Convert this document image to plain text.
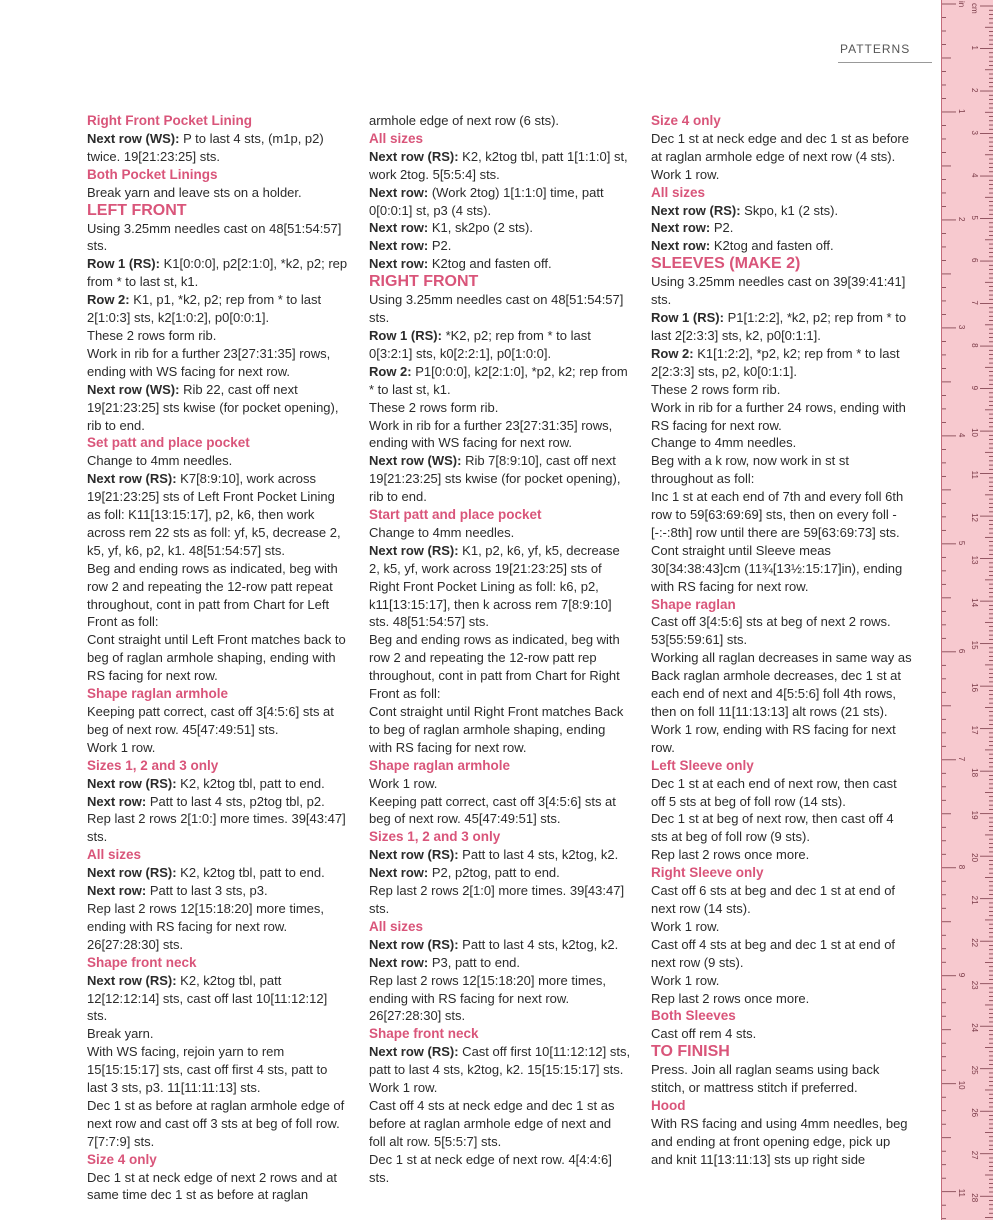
PATTERNS

Right Front Pocket Lining

Next row (WS): P to last 4 sts, (m1p, p2) twice. 19[21:23:25] sts.

Both Pocket Linings

Break yarn and leave sts on a holder.

LEFT FRONT

Using 3.25mm needles cast on 48[51:54:57] sts.

Row 1 (RS): K1[0:0:0], p2[2:1:0], *k2, p2; rep from * to last st, k1.

Row 2: K1, p1, *k2, p2; rep from * to last 2[1:0:3] sts, k2[1:0:2], p0[0:0:1].

These 2 rows form rib.

Work in rib for a further 23[27:31:35] rows, ending with WS facing for next row.

Next row (WS): Rib 22, cast off next 19[21:23:25] sts kwise (for pocket opening), rib to end.

Set patt and place pocket

Change to 4mm needles.

Next row (RS): K7[8:9:10], work across 19[21:23:25] sts of Left Front Pocket Lining as foll: K11[13:15:17], p2, k6, then work across rem 22 sts as foll: yf, k5, decrease 2, k5, yf, k6, p2, k1. 48[51:54:57] sts.

Beg and ending rows as indicated, beg with row 2 and repeating the 12-row patt repeat throughout, cont in patt from Chart for Left Front as foll:

Cont straight until Left Front matches back to beg of raglan armhole shaping, ending with RS facing for next row.

Shape raglan armhole

Keeping patt correct, cast off 3[4:5:6] sts at beg of next row. 45[47:49:51] sts.

Work 1 row.

Sizes 1, 2 and 3 only

Next row (RS): K2, k2tog tbl, patt to end.

Next row: Patt to last 4 sts, p2tog tbl, p2.

Rep last 2 rows 2[1:0:] more times. 39[43:47] sts.

All sizes

Next row (RS): K2, k2tog tbl, patt to end.

Next row: Patt to last 3 sts, p3.

Rep last 2 rows 12[15:18:20] more times, ending with RS facing for next row. 26[27:28:30] sts.

Shape front neck

Next row (RS): K2, k2tog tbl, patt 12[12:12:14] sts, cast off last 10[11:12:12] sts.

Break yarn.

With WS facing, rejoin yarn to rem 15[15:15:17] sts, cast off first 4 sts, patt to last 3 sts, p3. 11[11:11:13] sts.

Dec 1 st as before at raglan armhole edge of next row and cast off 3 sts at beg of foll row. 7[7:7:9] sts.

Size 4 only

Dec 1 st at neck edge of next 2 rows and at same time dec 1 st as before at raglan

armhole edge of next row (6 sts).

All sizes

Next row (RS): K2, k2tog tbl, patt 1[1:1:0] st, work 2tog. 5[5:5:4] sts.

Next row: (Work 2tog) 1[1:1:0] time, patt 0[0:0:1] st, p3 (4 sts).

Next row: K1, sk2po (2 sts).

Next row: P2.

Next row: K2tog and fasten off.

RIGHT FRONT

Using 3.25mm needles cast on 48[51:54:57] sts.

Row 1 (RS): *K2, p2; rep from * to last 0[3:2:1] sts, k0[2:2:1], p0[1:0:0].

Row 2: P1[0:0:0], k2[2:1:0], *p2, k2; rep from * to last st, k1.

These 2 rows form rib.

Work in rib for a further 23[27:31:35] rows, ending with WS facing for next row.

Next row (WS): Rib 7[8:9:10], cast off next 19[21:23:25] sts kwise (for pocket opening), rib to end.

Start patt and place pocket

Change to 4mm needles.

Next row (RS): K1, p2, k6, yf, k5, decrease 2, k5, yf, work across 19[21:23:25] sts of Right Front Pocket Lining as foll: k6, p2, k11[13:15:17], then k across rem 7[8:9:10] sts. 48[51:54:57] sts.

Beg and ending rows as indicated, beg with row 2 and repeating the 12-row patt rep throughout, cont in patt from Chart for Right Front as foll:

Cont straight until Right Front matches Back to beg of raglan armhole shaping, ending with RS facing for next row.

Shape raglan armhole

Work 1 row.

Keeping patt correct, cast off 3[4:5:6] sts at beg of next row. 45[47:49:51] sts.

Sizes 1, 2 and 3 only

Next row (RS): Patt to last 4 sts, k2tog, k2.

Next row: P2, p2tog, patt to end.

Rep last 2 rows 2[1:0] more times. 39[43:47] sts.

All sizes

Next row (RS): Patt to last 4 sts, k2tog, k2.

Next row: P3, patt to end.

Rep last 2 rows 12[15:18:20] more times, ending with RS facing for next row. 26[27:28:30] sts.

Shape front neck

Next row (RS): Cast off first 10[11:12:12] sts, patt to last 4 sts, k2tog, k2. 15[15:15:17] sts.

Work 1 row.

Cast off 4 sts at neck edge and dec 1 st as before at raglan armhole edge of next and foll alt row. 5[5:5:7] sts.

Dec 1 st at neck edge of next row. 4[4:4:6] sts.

Size 4 only

Dec 1 st at neck edge and dec 1 st as before at raglan armhole edge of next row (4 sts).

Work 1 row.

All sizes

Next row (RS): Skpo, k1 (2 sts).

Next row: P2.

Next row: K2tog and fasten off.

SLEEVES (MAKE 2)

Using 3.25mm needles cast on 39[39:41:41] sts.

Row 1 (RS): P1[1:2:2], *k2, p2; rep from * to last 2[2:3:3] sts, k2, p0[0:1:1].

Row 2: K1[1:2:2], *p2, k2; rep from * to last 2[2:3:3] sts, p2, k0[0:1:1].

These 2 rows form rib.

Work in rib for a further 24 rows, ending with RS facing for next row.

Change to 4mm needles.

Beg with a k row, now work in st st throughout as foll:

Inc 1 st at each end of 7th and every foll 6th row to 59[63:69:69] sts, then on every foll -[-:-:8th] row until there are 59[63:69:73] sts.

Cont straight until Sleeve meas 30[34:38:43]cm (11¾[13½:15:17]in), ending with RS facing for next row.

Shape raglan

Cast off 3[4:5:6] sts at beg of next 2 rows. 53[55:59:61] sts.

Working all raglan decreases in same way as Back raglan armhole decreases, dec 1 st at each end of next and 4[5:5:6] foll 4th rows, then on foll 11[11:13:13] alt rows (21 sts).

Work 1 row, ending with RS facing for next row.

Left Sleeve only

Dec 1 st at each end of next row, then cast off 5 sts at beg of foll row (14 sts).

Dec 1 st at beg of next row, then cast off 4 sts at beg of foll row (9 sts).

Rep last 2 rows once more.

Right Sleeve only

Cast off 6 sts at beg and dec 1 st at end of next row (14 sts).

Work 1 row.

Cast off 4 sts at beg and dec 1 st at end of next row (9 sts).

Work 1 row.

Rep last 2 rows once more.

Both Sleeves

Cast off rem 4 sts.

TO FINISH

Press. Join all raglan seams using back stitch, or mattress stitch if preferred.

Hood

With RS facing and using 4mm needles, beg and ending at front opening edge, pick up and knit 11[13:11:13] sts up right side

cm
1
2
3
4
5
6
7
8
9
10
11
12
13
14
15
16
17
18
19
20
21
22
23
24
25
26
27
28
in
1
2
3
4
5
6
7
8
9
10
11
